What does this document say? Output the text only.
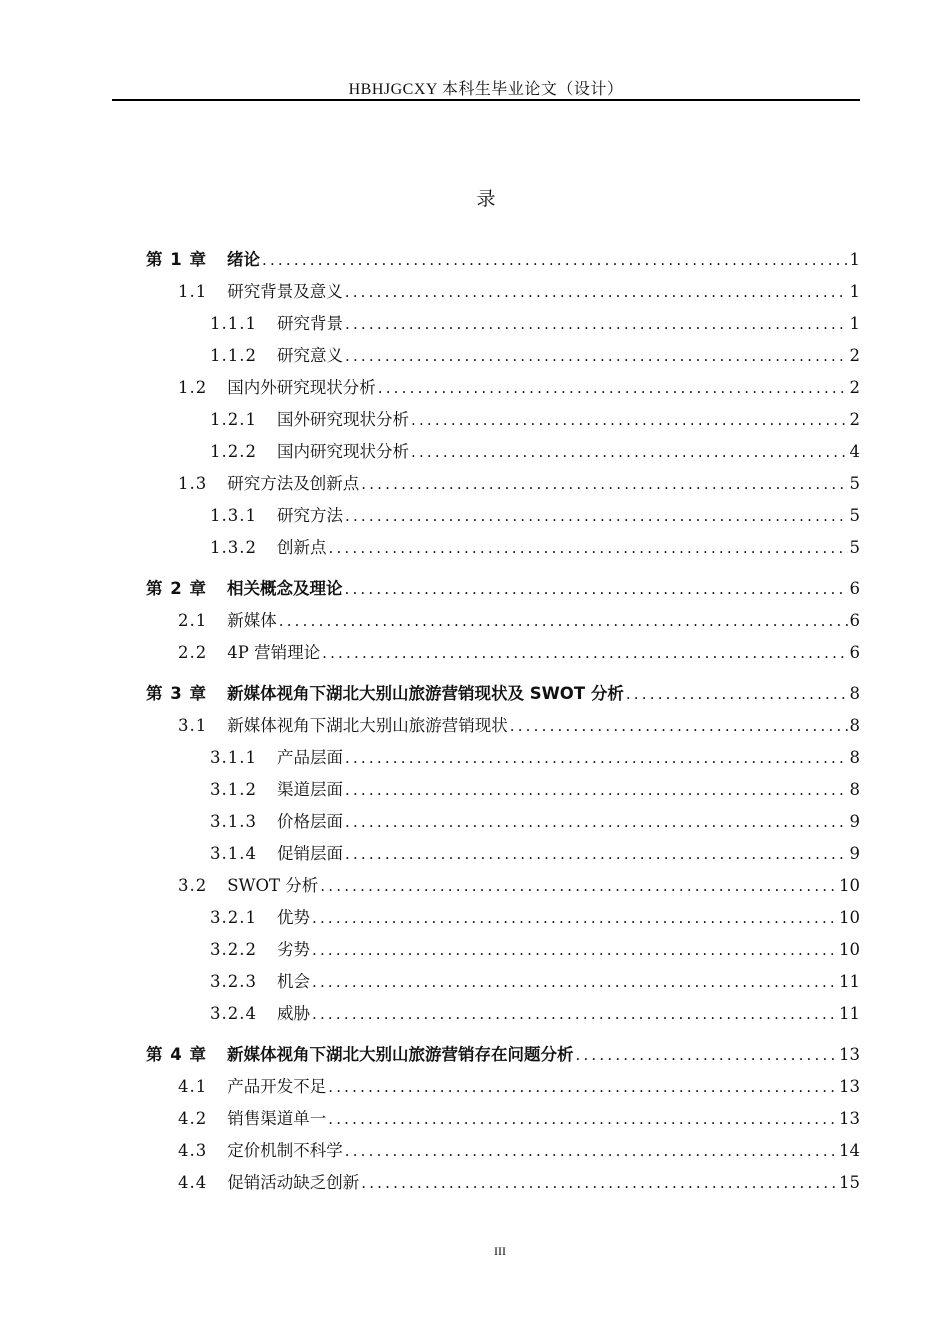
HBHJGCXY 本科生毕业论文（设计）
录
第 1 章 绪论 .....	1
1.1 研究背景及意义 .....	1
1.1.1 研究背景 .....	1
1.1.2 研究意义 .....	2
1.2 国内外研究现状分析 .....	2
1.2.1 国外研究现状分析 .....	2
1.2.2 国内研究现状分析 .....	4
1.3 研究方法及创新点 .....	5
1.3.1 研究方法 .....	5
1.3.2 创新点 .....	5
第 2 章 相关概念及理论 .....	6
2.1 新媒体 .....	6
2.2 4P 营销理论 .....	6
第 3 章 新媒体视角下湖北大别山旅游营销现状及 SWOT 分析 .....	8
3.1 新媒体视角下湖北大别山旅游营销现状 .....	8
3.1.1 产品层面 .....	8
3.1.2 渠道层面 .....	8
3.1.3 价格层面 .....	9
3.1.4 促销层面 .....	9
3.2 SWOT 分析 .....	10
3.2.1 优势 .....	10
3.2.2 劣势 .....	10
3.2.3 机会 .....	11
3.2.4 威胁 .....	11
第 4 章 新媒体视角下湖北大别山旅游营销存在问题分析 .....	13
4.1 产品开发不足 .....	13
4.2 销售渠道单一 .....	13
4.3 定价机制不科学 .....	14
4.4 促销活动缺乏创新 .....	15
III
